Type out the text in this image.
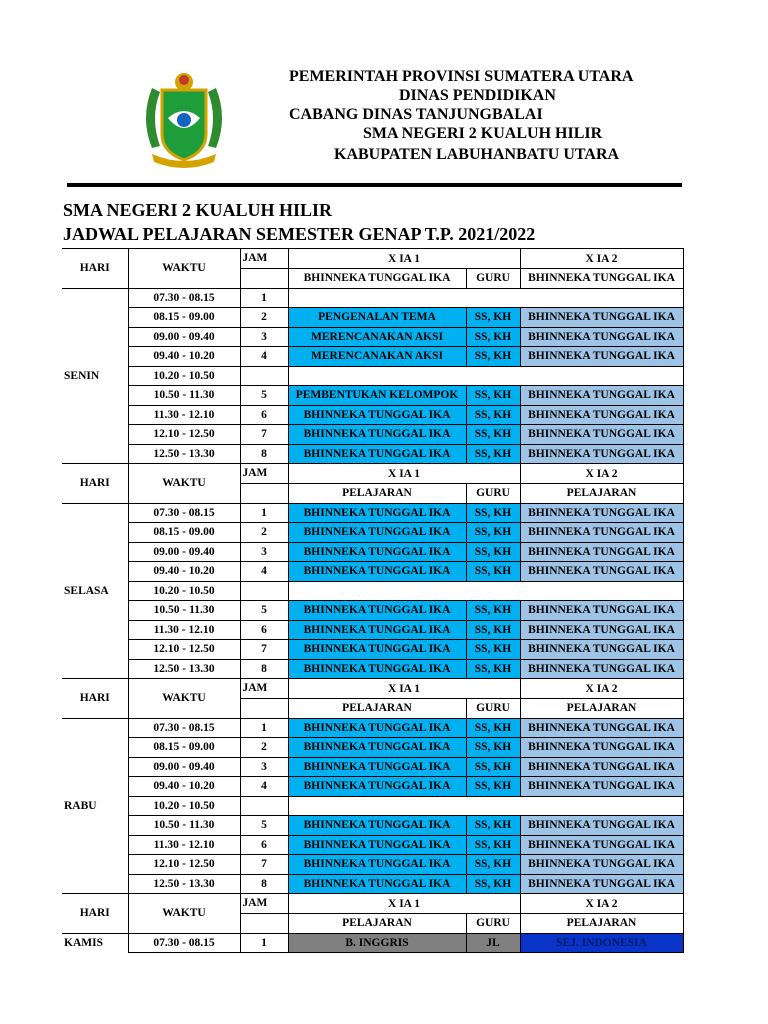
PEMERINTAH PROVINSI SUMATERA UTARA
DINAS PENDIDIKAN
CABANG DINAS TANJUNGBALAI
SMA NEGERI 2 KUALUH HILIR
KABUPATEN LABUHANBATU UTARA
SMA NEGERI 2 KUALUH HILIR
JADWAL PELAJARAN SEMESTER GENAP T.P. 2021/2022
HARI	WAKTU	JAM	X IA 1		X IA 2
			BHINNEKA TUNGGAL IKA	GURU	BHINNEKA TUNGGAL IKA
SENIN	07.30 - 08.15	1			
	08.15 - 09.00	2	PENGENALAN TEMA	SS, KH	BHINNEKA TUNGGAL IKA
	09.00 - 09.40	3	MERENCANAKAN AKSI	SS, KH	BHINNEKA TUNGGAL IKA
	09.40 - 10.20	4	MERENCANAKAN AKSI	SS, KH	BHINNEKA TUNGGAL IKA
	10.20 - 10.50				
	10.50 - 11.30	5	PEMBENTUKAN KELOMPOK	SS, KH	BHINNEKA TUNGGAL IKA
	11.30 - 12.10	6	BHINNEKA TUNGGAL IKA	SS, KH	BHINNEKA TUNGGAL IKA
	12.10 - 12.50	7	BHINNEKA TUNGGAL IKA	SS, KH	BHINNEKA TUNGGAL IKA
	12.50 - 13.30	8	BHINNEKA TUNGGAL IKA	SS, KH	BHINNEKA TUNGGAL IKA
HARI	WAKTU	JAM	X IA 1		X IA 2
			PELAJARAN	GURU	PELAJARAN
SELASA	07.30 - 08.15	1	BHINNEKA TUNGGAL IKA	SS, KH	BHINNEKA TUNGGAL IKA
	08.15 - 09.00	2	BHINNEKA TUNGGAL IKA	SS, KH	BHINNEKA TUNGGAL IKA
	09.00 - 09.40	3	BHINNEKA TUNGGAL IKA	SS, KH	BHINNEKA TUNGGAL IKA
	09.40 - 10.20	4	BHINNEKA TUNGGAL IKA	SS, KH	BHINNEKA TUNGGAL IKA
	10.20 - 10.50				
	10.50 - 11.30	5	BHINNEKA TUNGGAL IKA	SS, KH	BHINNEKA TUNGGAL IKA
	11.30 - 12.10	6	BHINNEKA TUNGGAL IKA	SS, KH	BHINNEKA TUNGGAL IKA
	12.10 - 12.50	7	BHINNEKA TUNGGAL IKA	SS, KH	BHINNEKA TUNGGAL IKA
	12.50 - 13.30	8	BHINNEKA TUNGGAL IKA	SS, KH	BHINNEKA TUNGGAL IKA
HARI	WAKTU	JAM	X IA 1		X IA 2
			PELAJARAN	GURU	PELAJARAN
RABU	07.30 - 08.15	1	BHINNEKA TUNGGAL IKA	SS, KH	BHINNEKA TUNGGAL IKA
	08.15 - 09.00	2	BHINNEKA TUNGGAL IKA	SS, KH	BHINNEKA TUNGGAL IKA
	09.00 - 09.40	3	BHINNEKA TUNGGAL IKA	SS, KH	BHINNEKA TUNGGAL IKA
	09.40 - 10.20	4	BHINNEKA TUNGGAL IKA	SS, KH	BHINNEKA TUNGGAL IKA
	10.20 - 10.50				
	10.50 - 11.30	5	BHINNEKA TUNGGAL IKA	SS, KH	BHINNEKA TUNGGAL IKA
	11.30 - 12.10	6	BHINNEKA TUNGGAL IKA	SS, KH	BHINNEKA TUNGGAL IKA
	12.10 - 12.50	7	BHINNEKA TUNGGAL IKA	SS, KH	BHINNEKA TUNGGAL IKA
	12.50 - 13.30	8	BHINNEKA TUNGGAL IKA	SS, KH	BHINNEKA TUNGGAL IKA
HARI	WAKTU	JAM	X IA 1		X IA 2
			PELAJARAN	GURU	PELAJARAN
KAMIS	07.30 - 08.15	1	B. INGGRIS	JL	SEJ. INDONESIA
